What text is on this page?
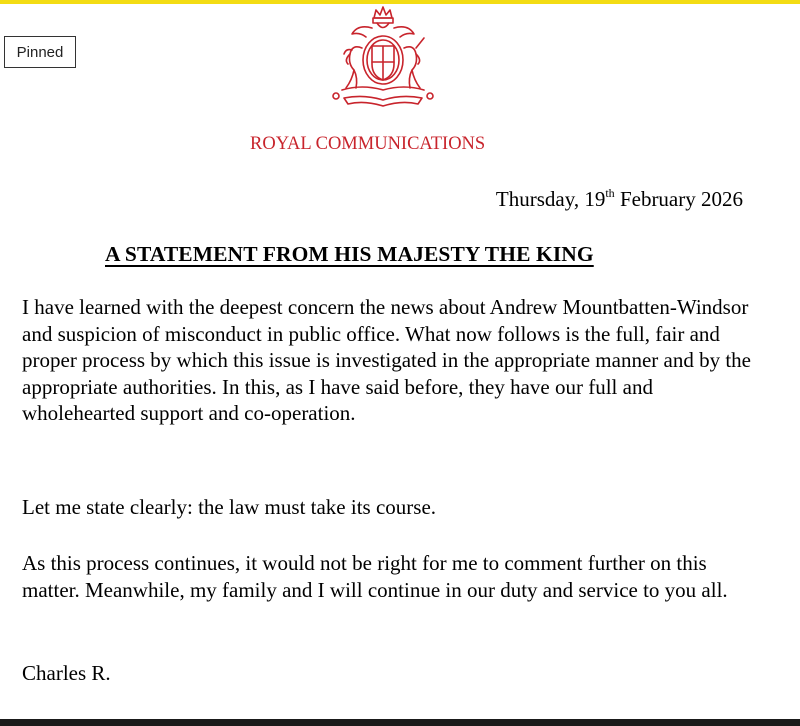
Pinned
ROYAL COMMUNICATIONS
Thursday, 19th February 2026
A STATEMENT FROM HIS MAJESTY THE KING
I have learned with the deepest concern the news about Andrew Mountbatten-Windsor and suspicion of misconduct in public office. What now follows is the full, fair and proper process by which this issue is investigated in the appropriate manner and by the appropriate authorities. In this, as I have said before, they have our full and wholehearted support and co-operation.
Let me state clearly: the law must take its course.
As this process continues, it would not be right for me to comment further on this matter. Meanwhile, my family and I will continue in our duty and service to you all.
Charles R.
